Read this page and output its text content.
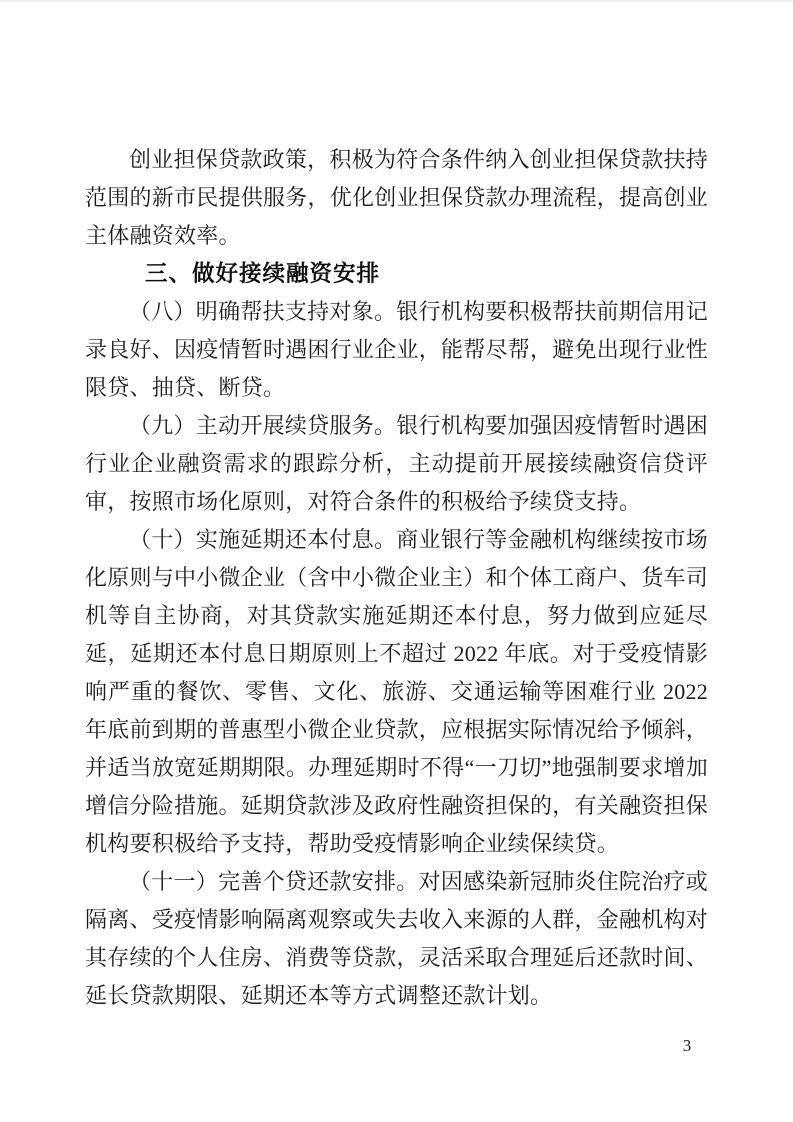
创业担保贷款政策，积极为符合条件纳入创业担保贷款扶持范围的新市民提供服务，优化创业担保贷款办理流程，提高创业主体融资效率。

三、做好接续融资安排

（八）明确帮扶支持对象。银行机构要积极帮扶前期信用记录良好、因疫情暂时遇困行业企业，能帮尽帮，避免出现行业性限贷、抽贷、断贷。

（九）主动开展续贷服务。银行机构要加强因疫情暂时遇困行业企业融资需求的跟踪分析，主动提前开展接续融资信贷评审，按照市场化原则，对符合条件的积极给予续贷支持。

（十）实施延期还本付息。商业银行等金融机构继续按市场化原则与中小微企业（含中小微企业主）和个体工商户、货车司机等自主协商，对其贷款实施延期还本付息，努力做到应延尽延，延期还本付息日期原则上不超过 2022 年底。对于受疫情影响严重的餐饮、零售、文化、旅游、交通运输等困难行业 2022 年底前到期的普惠型小微企业贷款，应根据实际情况给予倾斜，并适当放宽延期期限。办理延期时不得“一刀切”地强制要求增加增信分险措施。延期贷款涉及政府性融资担保的，有关融资担保机构要积极给予支持，帮助受疫情影响企业续保续贷。

（十一）完善个贷还款安排。对因感染新冠肺炎住院治疗或隔离、受疫情影响隔离观察或失去收入来源的人群，金融机构对其存续的个人住房、消费等贷款，灵活采取合理延后还款时间、延长贷款期限、延期还本等方式调整还款计划。

3
